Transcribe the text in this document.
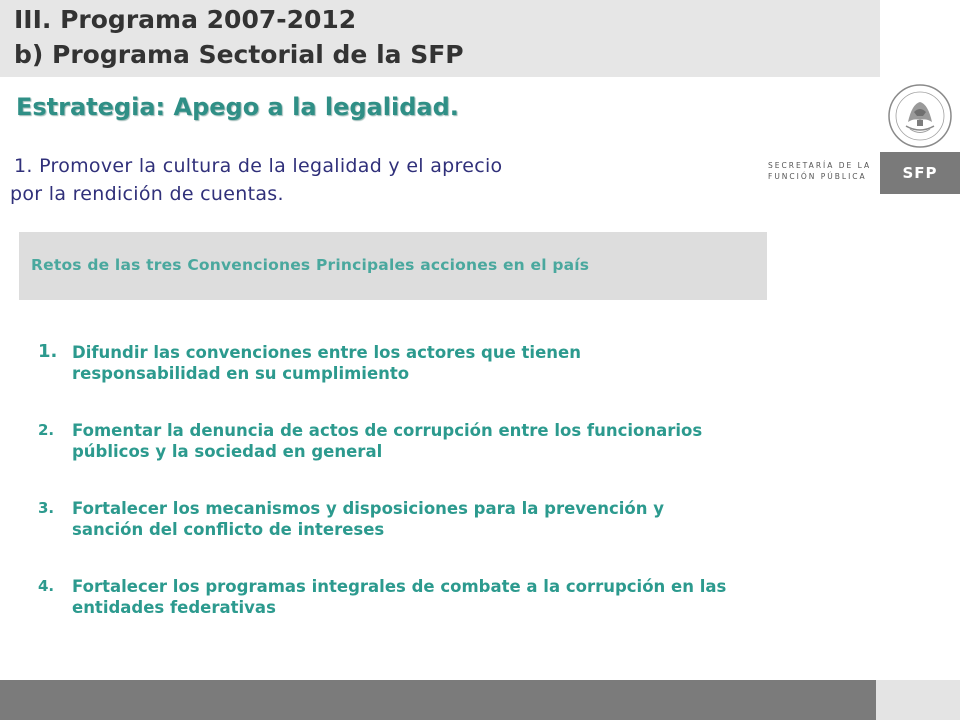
III. Programa 2007-2012
b) Programa Sectorial de la SFP
SECRETARÍA DE LA
FUNCIÓN PÚBLICA	SFP
Estrategia: Apego a la legalidad.

1. Promover la cultura de la legalidad y el aprecio
por la rendición de cuentas.

Retos de las tres Convenciones Principales acciones en el país
1. Difundir las convenciones entre los actores que tienen
responsabilidad en su cumplimiento
2. Fomentar la denuncia de actos de corrupción entre los funcionarios
públicos y la sociedad en general
3. Fortalecer los mecanismos y disposiciones para la prevención y
sanción del conflicto de intereses
4. Fortalecer los programas integrales de combate a la corrupción en las
entidades federativas
